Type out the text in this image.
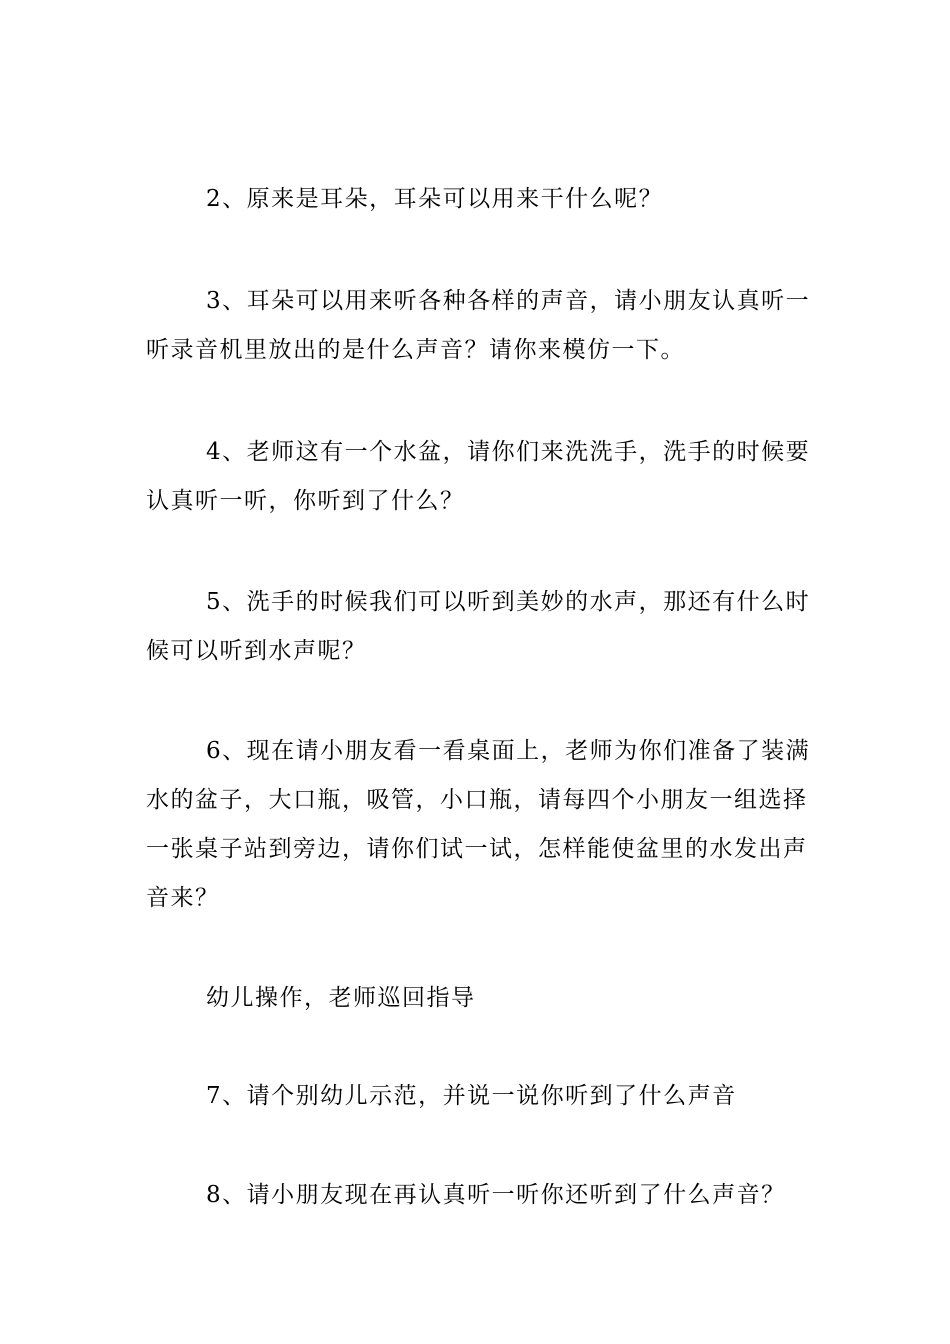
2、原来是耳朵，耳朵可以用来干什么呢？

3、耳朵可以用来听各种各样的声音，请小朋友认真听一听录音机里放出的是什么声音？请你来模仿一下。

4、老师这有一个水盆，请你们来洗洗手，洗手的时候要认真听一听，你听到了什么？

5、洗手的时候我们可以听到美妙的水声，那还有什么时候可以听到水声呢？

6、现在请小朋友看一看桌面上，老师为你们准备了装满水的盆子，大口瓶，吸管，小口瓶，请每四个小朋友一组选择一张桌子站到旁边，请你们试一试，怎样能使盆里的水发出声音来？

幼儿操作，老师巡回指导

7、请个别幼儿示范，并说一说你听到了什么声音

8、请小朋友现在再认真听一听你还听到了什么声音？
